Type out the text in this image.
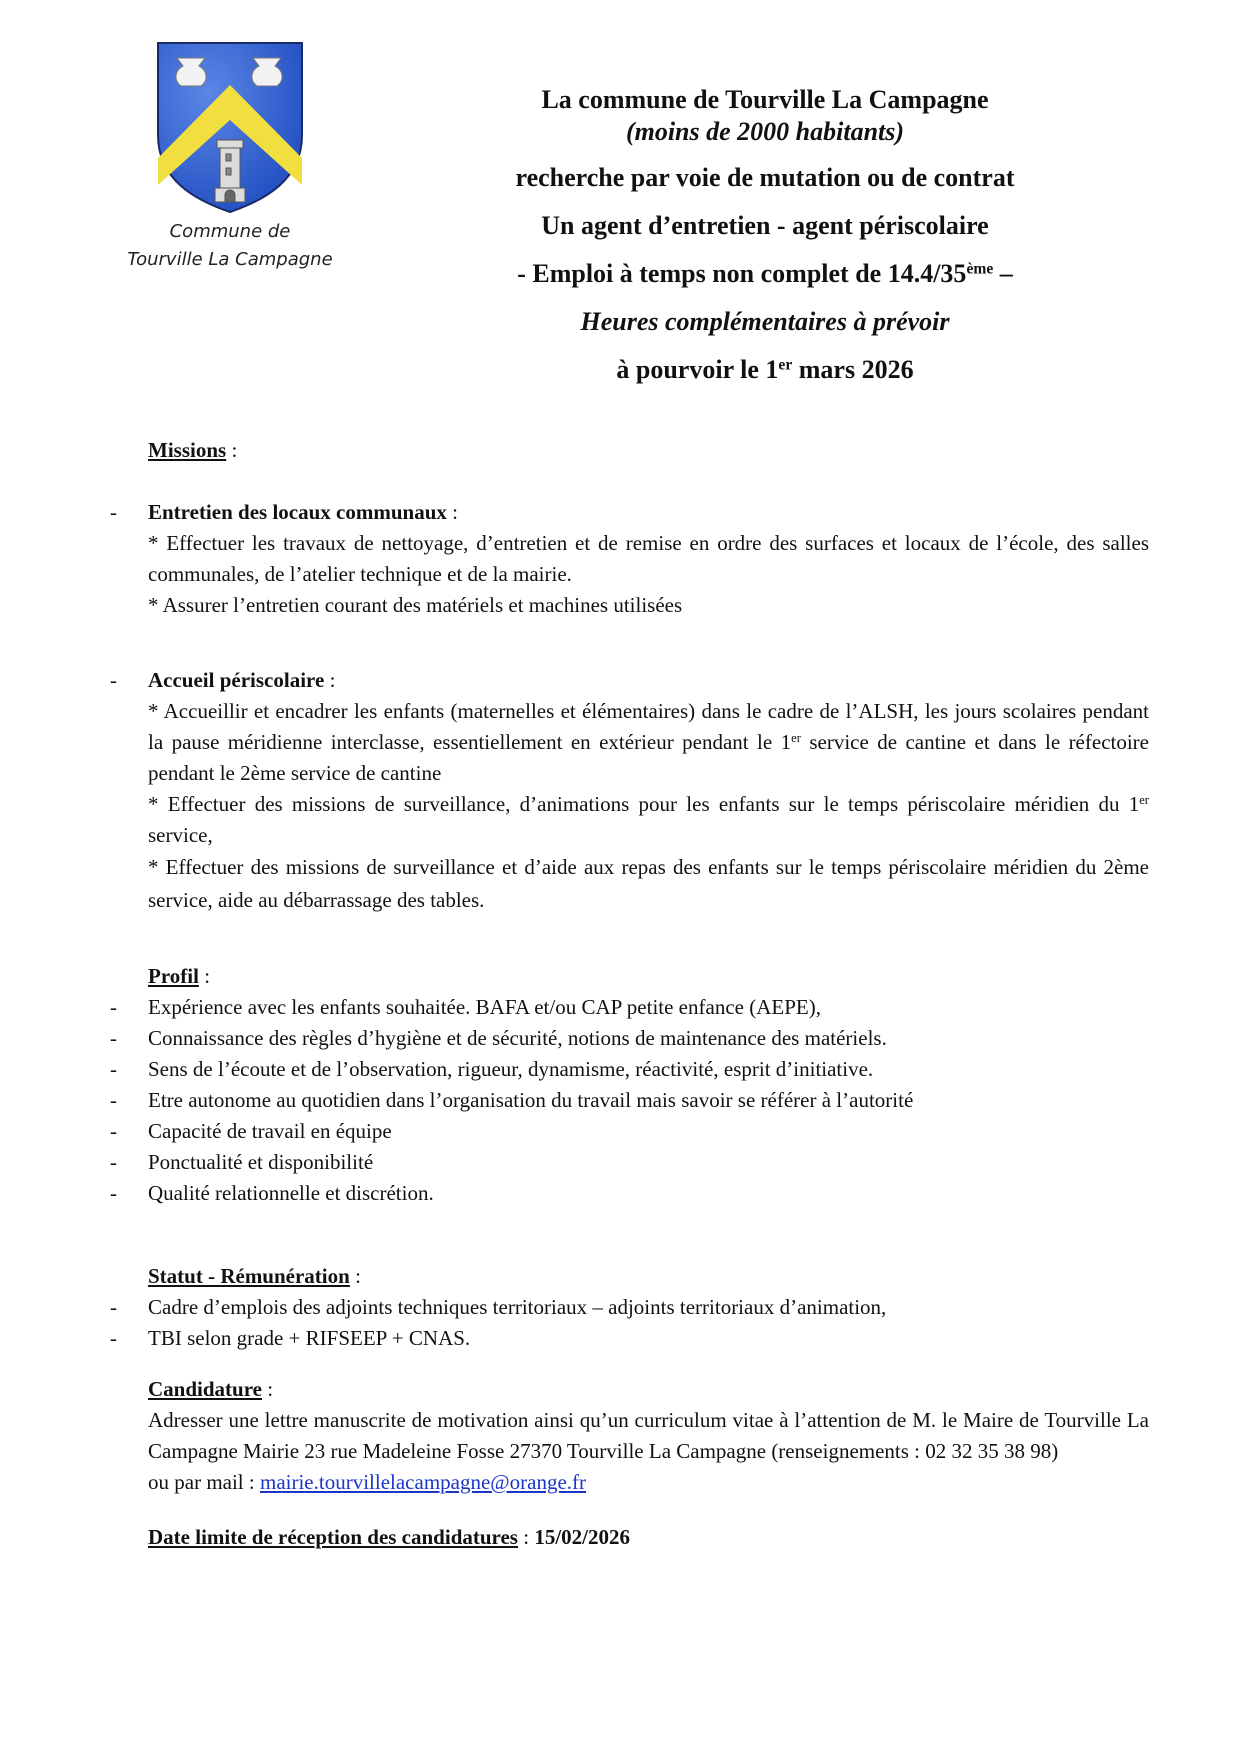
Commune de
Tourville La Campagne
La commune de Tourville La Campagne
(moins de 2000 habitants)
recherche par voie de mutation ou de contrat
Un agent d’entretien - agent périscolaire
- Emploi à temps non complet de 14.4/35ème –
Heures complémentaires à prévoir
à pourvoir le 1er mars 2026
Missions :
- Entretien des locaux communaux :
* Effectuer les travaux de nettoyage, d’entretien et de remise en ordre des surfaces et locaux de l’école, des salles communales, de l’atelier technique et de la mairie.
* Assurer l’entretien courant des matériels et machines utilisées
- Accueil périscolaire :
* Accueillir et encadrer les enfants (maternelles et élémentaires) dans le cadre de l’ALSH, les jours scolaires pendant la pause méridienne interclasse, essentiellement en extérieur pendant le 1er service de cantine et dans le réfectoire pendant le 2ème service de cantine
* Effectuer des missions de surveillance, d’animations pour les enfants sur le temps périscolaire méridien du 1er service,
* Effectuer des missions de surveillance et d’aide aux repas des enfants sur le temps périscolaire méridien du 2ème service, aide au débarrassage des tables.
Profil :
- Expérience avec les enfants souhaitée. BAFA et/ou CAP petite enfance (AEPE),
- Connaissance des règles d’hygiène et de sécurité, notions de maintenance des matériels.
- Sens de l’écoute et de l’observation, rigueur, dynamisme, réactivité, esprit d’initiative.
- Etre autonome au quotidien dans l’organisation du travail mais savoir se référer à l’autorité
- Capacité de travail en équipe
- Ponctualité et disponibilité
- Qualité relationnelle et discrétion.
Statut - Rémunération :
- Cadre d’emplois des adjoints techniques territoriaux – adjoints territoriaux d’animation,
- TBI selon grade + RIFSEEP + CNAS.
Candidature :
Adresser une lettre manuscrite de motivation ainsi qu’un curriculum vitae à l’attention de M. le Maire de Tourville La Campagne Mairie 23 rue Madeleine Fosse 27370 Tourville La Campagne (renseignements : 02 32 35 38 98)
ou par mail : mairie.tourvillelacampagne@orange.fr
Date limite de réception des candidatures : 15/02/2026
